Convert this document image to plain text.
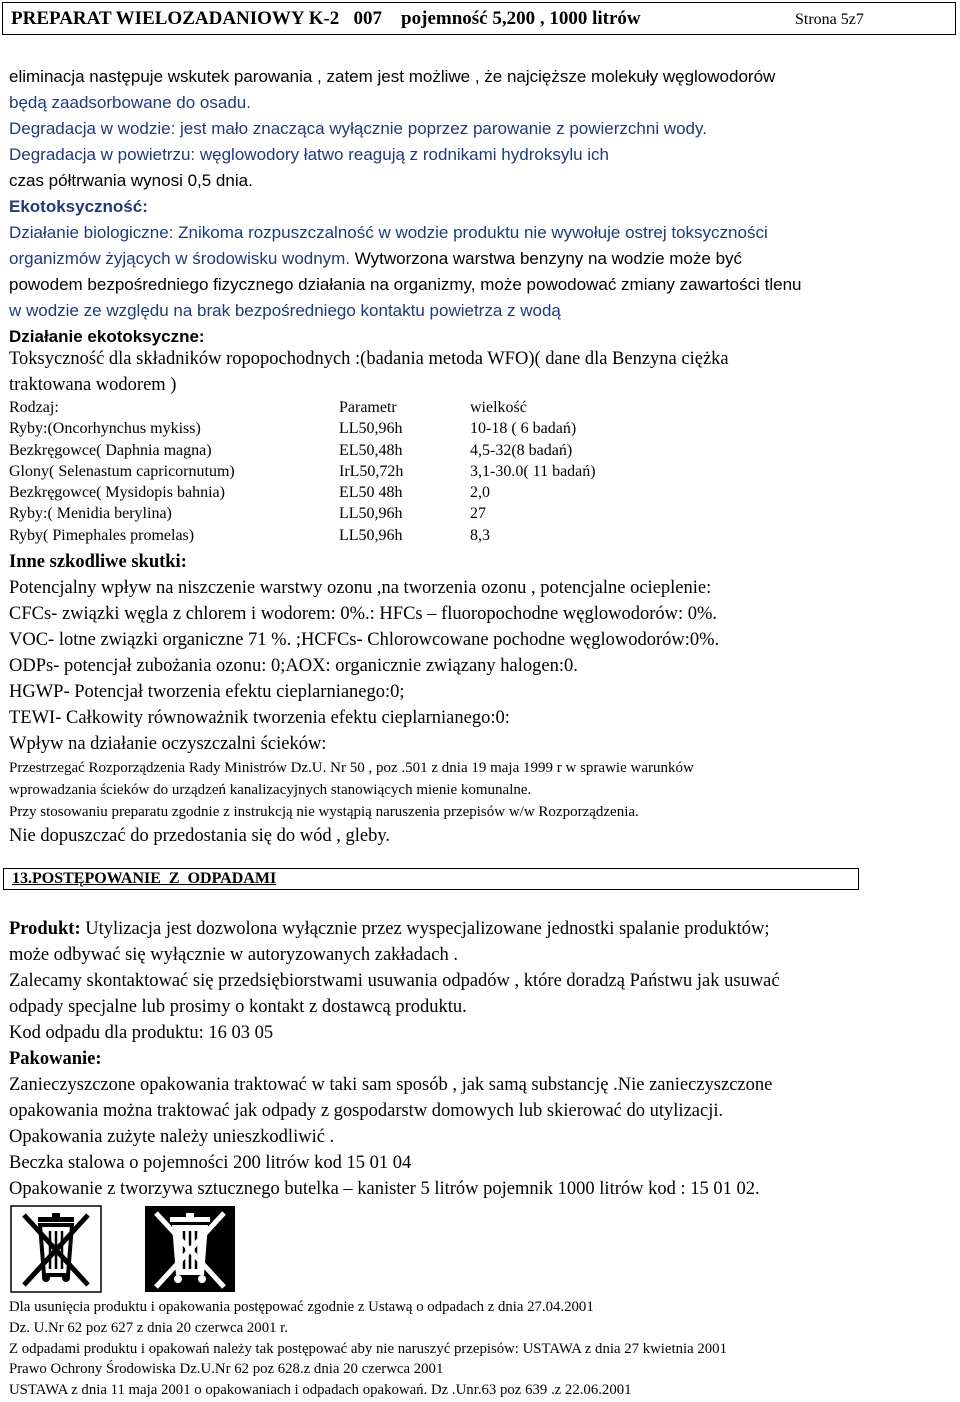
PREPARAT WIELOZADANIOWY K-2   007    pojemność 5,200 , 1000 litrów	Strona 5z7

eliminacja następuje wskutek parowania , zatem jest możliwe , że najcięższe molekuły węglowodorów

będą zaadsorbowane do osadu.

Degradacja w wodzie: jest mało znacząca wyłącznie poprzez parowanie z powierzchni wody.

Degradacja w powietrzu: węglowodory łatwo reagują z rodnikami hydroksylu ich

czas półtrwania wynosi 0,5 dnia.

Ekotoksyczność:

Działanie biologiczne: Znikoma rozpuszczalność w wodzie produktu nie wywołuje ostrej toksyczności

organizmów żyjących w środowisku wodnym. Wytworzona warstwa benzyny na wodzie może być

powodem bezpośredniego fizycznego działania na organizmy, może powodować zmiany zawartości tlenu

w wodzie ze względu na brak bezpośredniego kontaktu powietrza z wodą

Działanie ekotoksyczne:

Toksyczność dla składników ropopochodnych :(badania metoda WFO)( dane dla Benzyna ciężka

traktowana wodorem )

Rodzaj:	Parametr	wielkość
Ryby:(Oncorhynchus mykiss)	LL50,96h	10-18 ( 6 badań)
Bezkręgowce( Daphnia magna)	EL50,48h	4,5-32(8 badań)
Glony( Selenastum capricornutum)	IrL50,72h	3,1-30.0( 11 badań)
Bezkręgowce( Mysidopis bahnia)	EL50 48h	2,0
Ryby:( Menidia berylina)	LL50,96h	27
Ryby( Pimephales promelas)	LL50,96h	8,3

Inne szkodliwe skutki:

Potencjalny wpływ na niszczenie warstwy ozonu ,na tworzenia ozonu , potencjalne ocieplenie:

CFCs- związki węgla z chlorem i wodorem: 0%.: HFCs – fluoropochodne węglowodorów: 0%.

VOC- lotne związki organiczne 71 %. ;HCFCs- Chlorowcowane pochodne węglowodorów:0%.

ODPs- potencjał zubożania ozonu: 0;AOX: organicznie związany halogen:0.

HGWP- Potencjał tworzenia efektu cieplarnianego:0;

TEWI- Całkowity równoważnik tworzenia efektu cieplarnianego:0:

Wpływ na działanie oczyszczalni ścieków:

Przestrzegać Rozporządzenia Rady Ministrów Dz.U. Nr 50 , poz .501 z dnia 19 maja 1999 r w sprawie warunków

wprowadzania ścieków do urządzeń kanalizacyjnych stanowiących mienie komunalne.

Przy stosowaniu preparatu zgodnie z instrukcją nie wystąpią naruszenia przepisów w/w Rozporządzenia.

Nie dopuszczać do przedostania się do wód , gleby.

13.POSTĘPOWANIE  Z  ODPADAMI

Produkt: Utylizacja jest dozwolona wyłącznie przez wyspecjalizowane jednostki spalanie produktów;

może odbywać się wyłącznie w autoryzowanych zakładach .

Zalecamy skontaktować się przedsiębiorstwami usuwania odpadów , które doradzą Państwu jak usuwać

odpady specjalne lub prosimy o kontakt z dostawcą produktu.

Kod odpadu dla produktu: 16 03 05

Pakowanie:

Zanieczyszczone opakowania traktować w taki sam sposób , jak samą substancję .Nie zanieczyszczone

opakowania można traktować jak odpady z gospodarstw domowych lub skierować do utylizacji.

Opakowania zużyte należy unieszkodliwić .

Beczka stalowa o pojemności 200 litrów kod 15 01 04

Opakowanie z tworzywa sztucznego butelka – kanister 5 litrów pojemnik 1000 litrów kod : 15 01 02.

Dla usunięcia produktu i opakowania postępować zgodnie z Ustawą o odpadach z dnia 27.04.2001

Dz. U.Nr 62 poz 627 z dnia 20 czerwca 2001 r.

Z odpadami produktu i opakowań należy tak postępować aby nie naruszyć przepisów: USTAWA z dnia 27 kwietnia 2001

Prawo Ochrony Środowiska Dz.U.Nr 62 poz 628.z dnia 20 czerwca 2001

USTAWA z dnia 11 maja 2001 o opakowaniach i odpadach opakowań. Dz .Unr.63 poz 639 .z 22.06.2001
